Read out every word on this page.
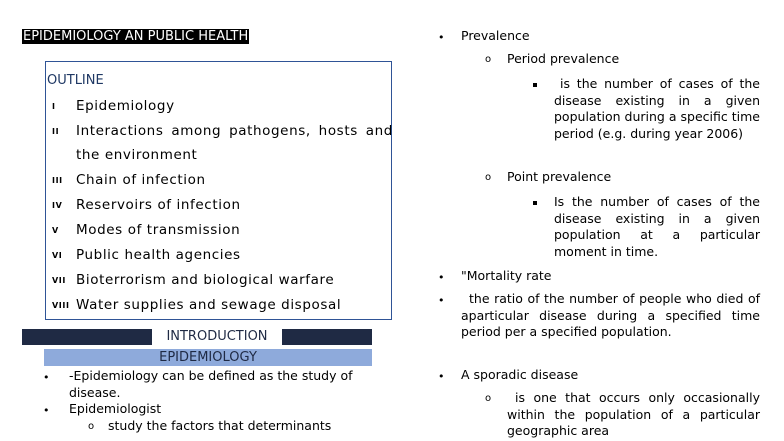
EPIDEMIOLOGY AN PUBLIC HEALTH
OUTLINE
I Epidemiology
II Interactions among pathogens, hosts and
the environment
III Chain of infection
IV Reservoirs of infection
V Modes of transmission
VI Public health agencies
VII Bioterrorism and biological warfare
VIII Water supplies and sewage disposal
INTRODUCTION
EPIDEMIOLOGY
• -Epidemiology can be defined as the study of disease.
• Epidemiologist
o study the factors that determinants
• Prevalence
o Period prevalence
is the number of cases of the disease existing in a given population during a specific time period (e.g. during year 2006)
o Point prevalence
Is the number of cases of the disease existing in a given population at a particular moment in time.
• "Mortality rate
•	the ratio of the number of people who died of aparticular disease during a specified time period per a specified population.
• A sporadic disease
o	is one that occurs only occasionally within the population of a particular geographic area
